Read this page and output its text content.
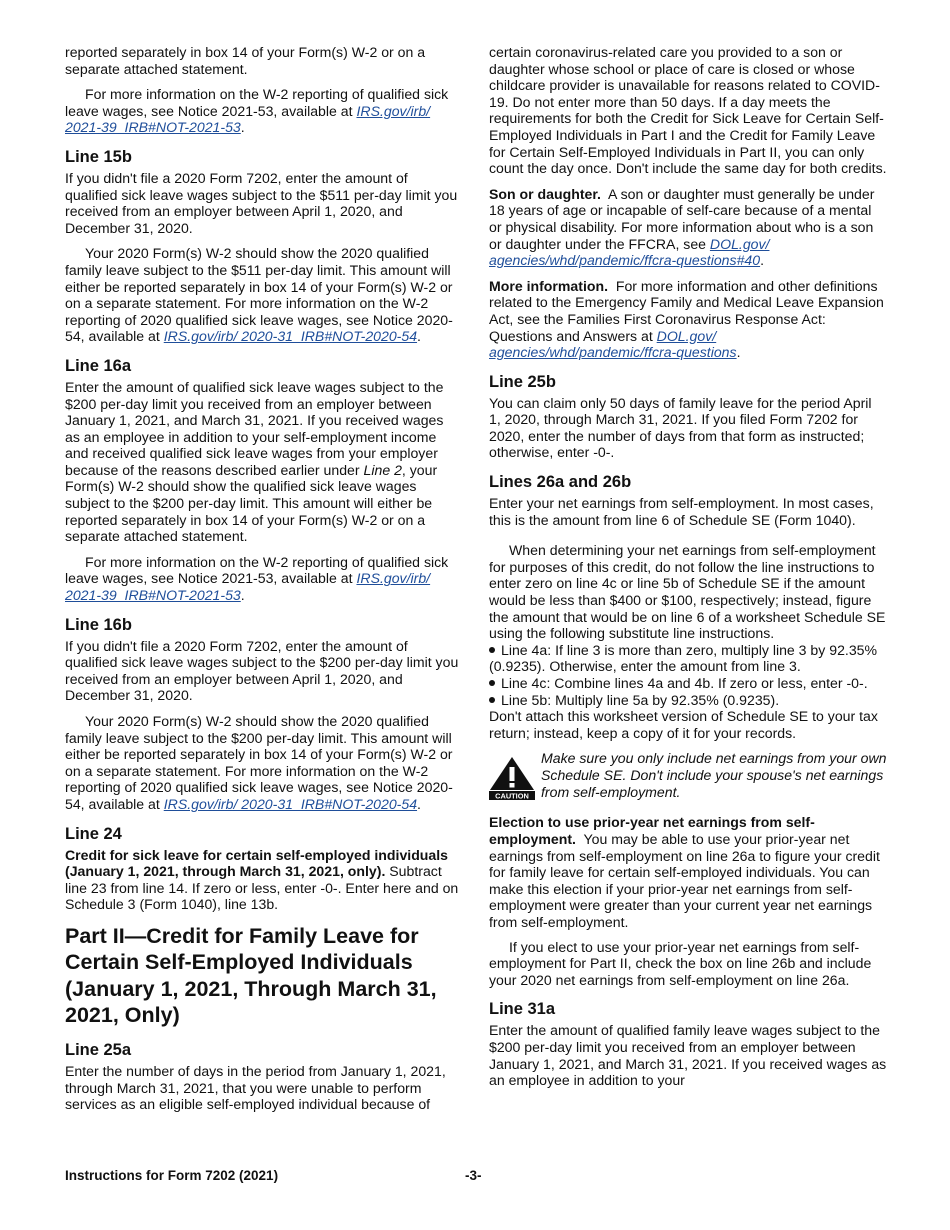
reported separately in box 14 of your Form(s) W-2 or on a separate attached statement.

For more information on the W-2 reporting of qualified sick leave wages, see Notice 2021-53, available at IRS.gov/irb/ 2021-39_IRB#NOT-2021-53.

Line 15b

If you didn't file a 2020 Form 7202, enter the amount of qualified sick leave wages subject to the $511 per-day limit you received from an employer between April 1, 2020, and December 31, 2020.

Your 2020 Form(s) W-2 should show the 2020 qualified family leave subject to the $511 per-day limit. This amount will either be reported separately in box 14 of your Form(s) W-2 or on a separate statement. For more information on the W-2 reporting of 2020 qualified sick leave wages, see Notice 2020-54, available at IRS.gov/irb/ 2020-31_IRB#NOT-2020-54.

Line 16a

Enter the amount of qualified sick leave wages subject to the $200 per-day limit you received from an employer between January 1, 2021, and March 31, 2021. If you received wages as an employee in addition to your self-employment income and received qualified sick leave wages from your employer because of the reasons described earlier under Line 2, your Form(s) W-2 should show the qualified sick leave wages subject to the $200 per-day limit. This amount will either be reported separately in box 14 of your Form(s) W-2 or on a separate attached statement.

For more information on the W-2 reporting of qualified sick leave wages, see Notice 2021-53, available at IRS.gov/irb/ 2021-39_IRB#NOT-2021-53.

Line 16b

If you didn't file a 2020 Form 7202, enter the amount of qualified sick leave wages subject to the $200 per-day limit you received from an employer between April 1, 2020, and December 31, 2020.

Your 2020 Form(s) W-2 should show the 2020 qualified family leave subject to the $200 per-day limit. This amount will either be reported separately in box 14 of your Form(s) W-2 or on a separate statement. For more information on the W-2 reporting of 2020 qualified sick leave wages, see Notice 2020-54, available at IRS.gov/irb/ 2020-31_IRB#NOT-2020-54.

Line 24

Credit for sick leave for certain self-employed individuals (January 1, 2021, through March 31, 2021, only). Subtract line 23 from line 14. If zero or less, enter -0-. Enter here and on Schedule 3 (Form 1040), line 13b.

Part II—Credit for Family Leave for Certain Self-Employed Individuals (January 1, 2021, Through March 31, 2021, Only)
Line 25a

Enter the number of days in the period from January 1, 2021, through March 31, 2021, that you were unable to perform services as an eligible self-employed individual because of

certain coronavirus-related care you provided to a son or daughter whose school or place of care is closed or whose childcare provider is unavailable for reasons related to COVID-19. Do not enter more than 50 days. If a day meets the requirements for both the Credit for Sick Leave for Certain Self-Employed Individuals in Part I and the Credit for Family Leave for Certain Self-Employed Individuals in Part II, you can only count the day once. Don't include the same day for both credits.

Son or daughter. A son or daughter must generally be under 18 years of age or incapable of self-care because of a mental or physical disability. For more information about who is a son or daughter under the FFCRA, see DOL.gov/ agencies/whd/pandemic/ffcra-questions#40.

More information. For more information and other definitions related to the Emergency Family and Medical Leave Expansion Act, see the Families First Coronavirus Response Act: Questions and Answers at DOL.gov/ agencies/whd/pandemic/ffcra-questions.

Line 25b

You can claim only 50 days of family leave for the period April 1, 2020, through March 31, 2021. If you filed Form 7202 for 2020, enter the number of days from that form as instructed; otherwise, enter -0-.

Lines 26a and 26b

Enter your net earnings from self-employment. In most cases, this is the amount from line 6 of Schedule SE (Form 1040).

When determining your net earnings from self-employment for purposes of this credit, do not follow the line instructions to enter zero on line 4c or line 5b of Schedule SE if the amount would be less than $400 or $100, respectively; instead, figure the amount that would be on line 6 of a worksheet Schedule SE using the following substitute line instructions.

Line 4a: If line 3 is more than zero, multiply line 3 by 92.35% (0.9235). Otherwise, enter the amount from line 3.
Line 4c: Combine lines 4a and 4b. If zero or less, enter -0-.
Line 5b: Multiply line 5a by 92.35% (0.9235).

Don't attach this worksheet version of Schedule SE to your tax return; instead, keep a copy of it for your records.

CAUTION
Make sure you only include net earnings from your own Schedule SE. Don't include your spouse's net earnings from self-employment.

Election to use prior-year net earnings from self-employment. You may be able to use your prior-year net earnings from self-employment on line 26a to figure your credit for family leave for certain self-employed individuals. You can make this election if your prior-year net earnings from self-employment were greater than your current year net earnings from self-employment.

If you elect to use your prior-year net earnings from self-employment for Part II, check the box on line 26b and include your 2020 net earnings from self-employment on line 26a.

Line 31a

Enter the amount of qualified family leave wages subject to the $200 per-day limit you received from an employer between January 1, 2021, and March 31, 2021. If you received wages as an employee in addition to your

Instructions for Form 7202 (2021)	-3-
